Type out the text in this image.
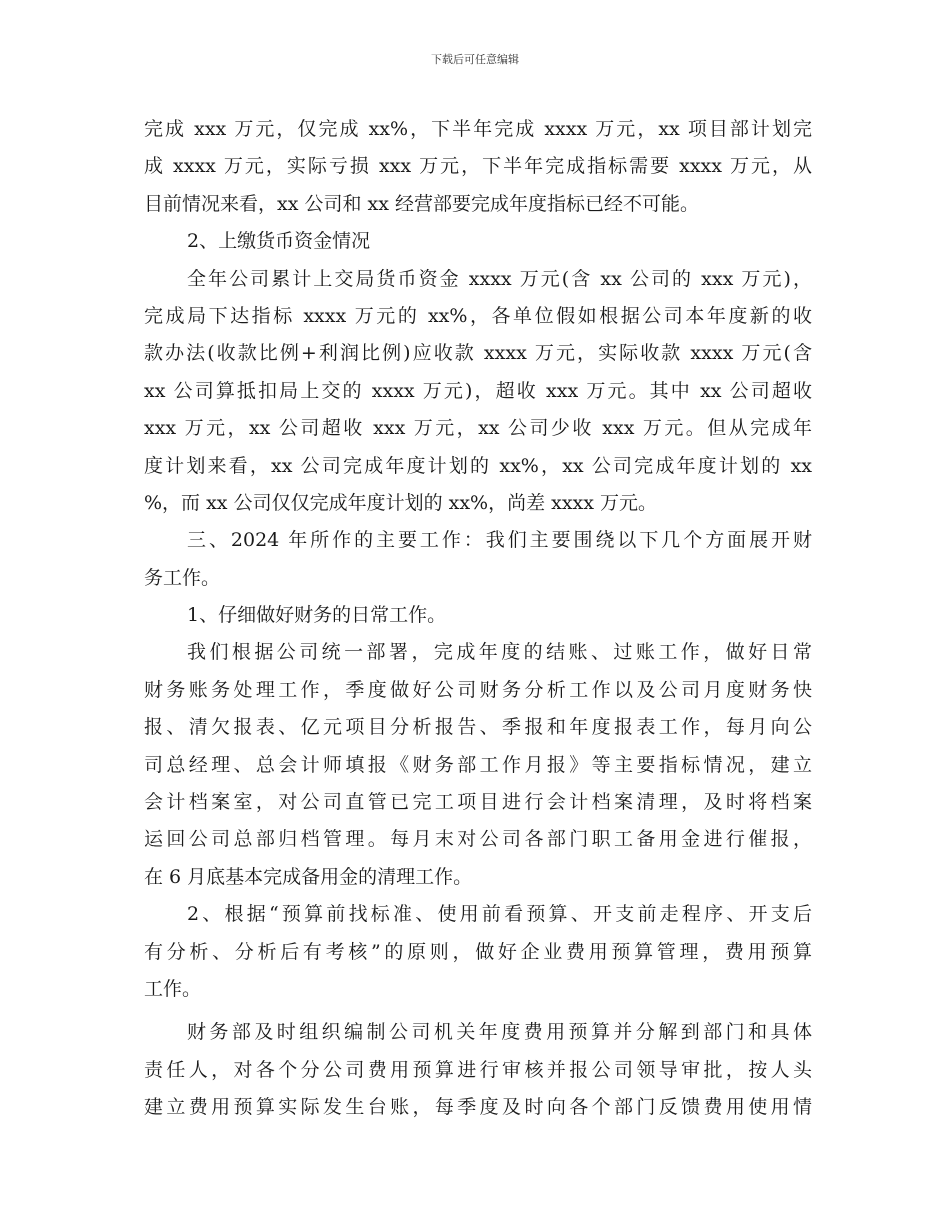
下载后可任意编辑
完成 xxx 万元，仅完成 xx%，下半年完成 xxxx 万元，xx 项目部计划完
成 xxxx 万元，实际亏损 xxx 万元，下半年完成指标需要 xxxx 万元，从
目前情况来看，xx 公司和 xx 经营部要完成年度指标已经不可能。
2、上缴货币资金情况
全年公司累计上交局货币资金 xxxx 万元(含 xx 公司的 xxx 万元)，
完成局下达指标 xxxx 万元的 xx%，各单位假如根据公司本年度新的收
款办法(收款比例+利润比例)应收款 xxxx 万元，实际收款 xxxx 万元(含
xx 公司算抵扣局上交的 xxxx 万元)，超收 xxx 万元。其中 xx 公司超收
xxx 万元，xx 公司超收 xxx 万元，xx 公司少收 xxx 万元。但从完成年
度计划来看，xx 公司完成年度计划的 xx%，xx 公司完成年度计划的 xx
%，而 xx 公司仅仅完成年度计划的 xx%，尚差 xxxx 万元。
三、2024 年所作的主要工作：我们主要围绕以下几个方面展开财
务工作。
1、仔细做好财务的日常工作。
我们根据公司统一部署，完成年度的结账、过账工作，做好日常
财务账务处理工作，季度做好公司财务分析工作以及公司月度财务快
报、清欠报表、亿元项目分析报告、季报和年度报表工作，每月向公
司总经理、总会计师填报《财务部工作月报》等主要指标情况，建立
会计档案室，对公司直管已完工项目进行会计档案清理，及时将档案
运回公司总部归档管理。每月末对公司各部门职工备用金进行催报，
在 6 月底基本完成备用金的清理工作。
2、根据“预算前找标准、使用前看预算、开支前走程序、开支后
有分析、分析后有考核”的原则，做好企业费用预算管理，费用预算
工作。
财务部及时组织编制公司机关年度费用预算并分解到部门和具体
责任人，对各个分公司费用预算进行审核并报公司领导审批，按人头
建立费用预算实际发生台账，每季度及时向各个部门反馈费用使用情
